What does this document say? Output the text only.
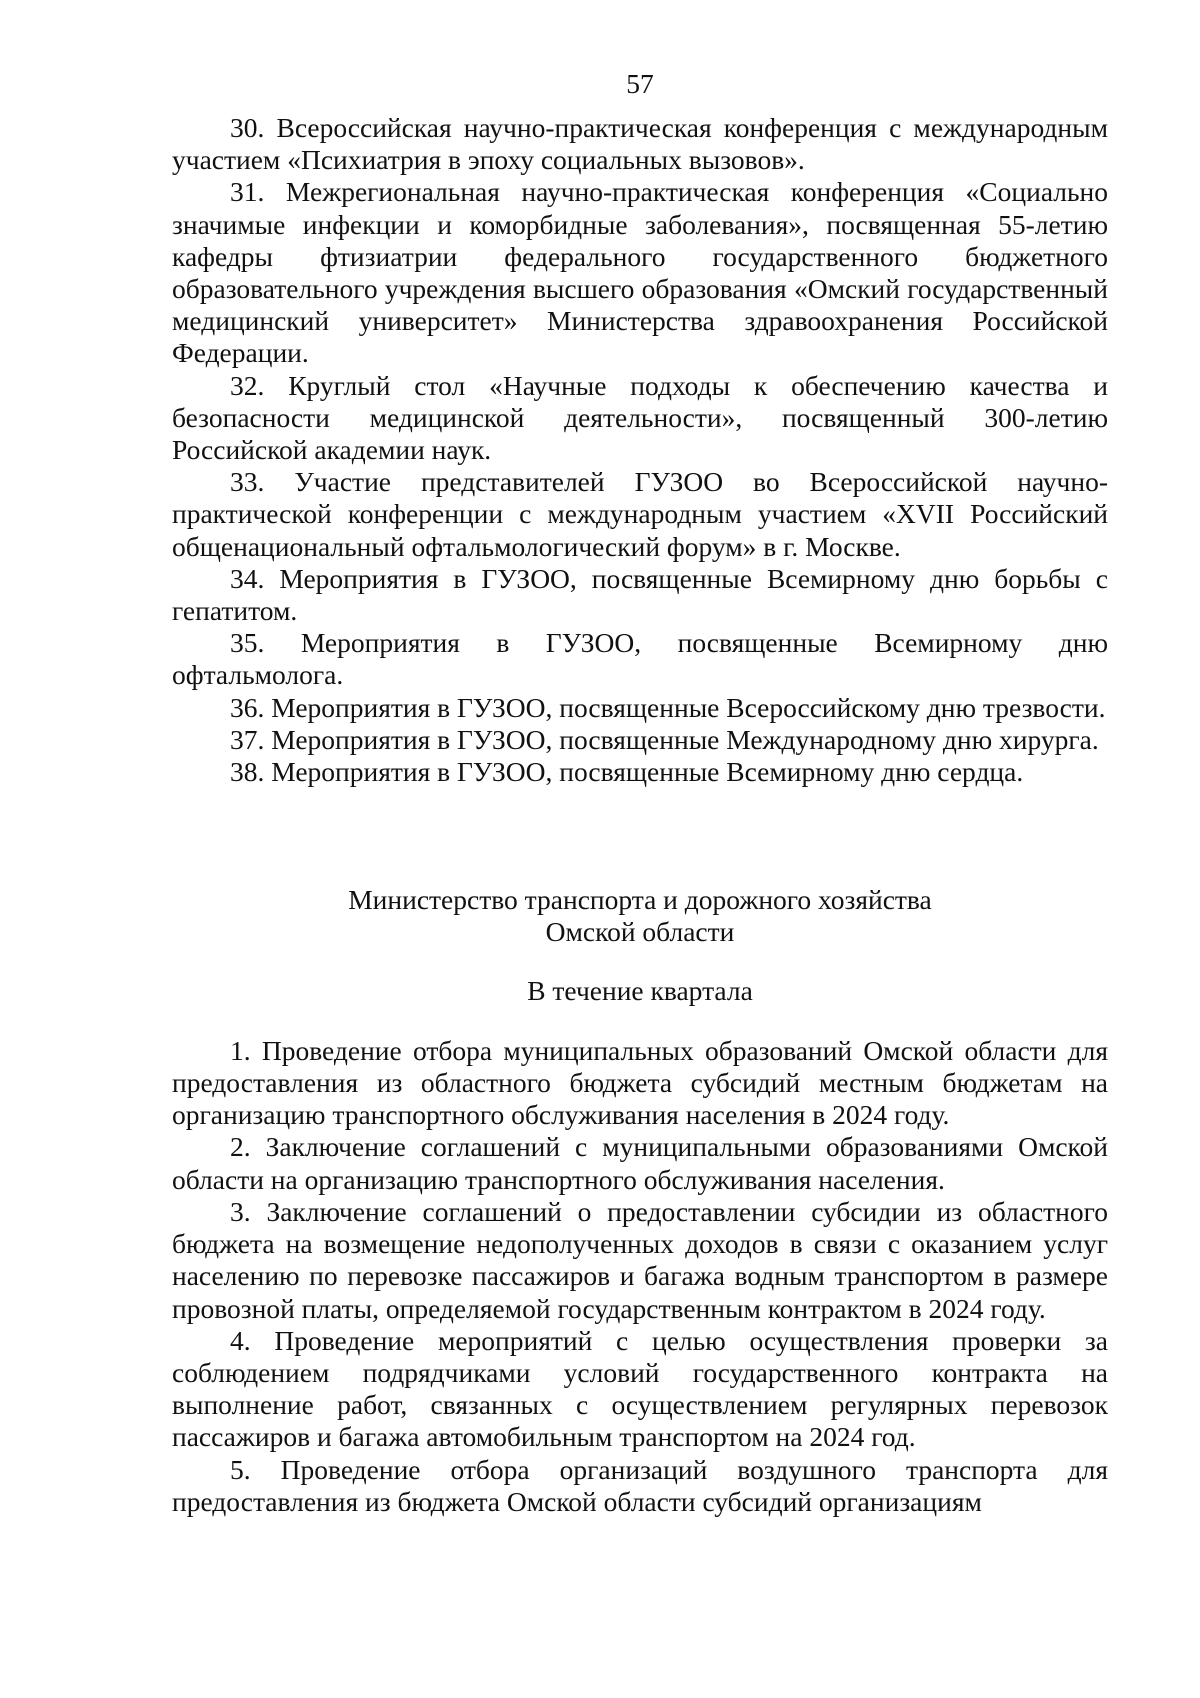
57

30. Всероссийская научно-практическая конференция с международным участием «Психиатрия в эпоху социальных вызовов».

31. Межрегиональная научно-практическая конференция «Социально значимые инфекции и коморбидные заболевания», посвященная 55-летию кафедры фтизиатрии федерального государственного бюджетного образовательного учреждения высшего образования «Омский государственный медицинский университет» Министерства здравоохранения Российской Федерации.

32. Круглый стол «Научные подходы к обеспечению качества и безопасности медицинской деятельности», посвященный 300-летию Российской академии наук.

33. Участие представителей ГУЗОО во Всероссийской научно-практической конференции с международным участием «XVII Российский общенациональный офтальмологический форум» в г. Москве.

34. Мероприятия в ГУЗОО, посвященные Всемирному дню борьбы с гепатитом.

35. Мероприятия в ГУЗОО, посвященные Всемирному дню офтальмолога.

36. Мероприятия в ГУЗОО, посвященные Всероссийскому дню трезвости.

37. Мероприятия в ГУЗОО, посвященные Международному дню хирурга.

38. Мероприятия в ГУЗОО, посвященные Всемирному дню сердца.

Министерство транспорта и дорожного хозяйства

Омской области

В течение квартала

1. Проведение отбора муниципальных образований Омской области для предоставления из областного бюджета субсидий местным бюджетам на организацию транспортного обслуживания населения в 2024 году.

2. Заключение соглашений с муниципальными образованиями Омской области на организацию транспортного обслуживания населения.

3. Заключение соглашений о предоставлении субсидии из областного бюджета на возмещение недополученных доходов в связи с оказанием услуг населению по перевозке пассажиров и багажа водным транспортом в размере провозной платы, определяемой государственным контрактом в 2024 году.

4. Проведение мероприятий с целью осуществления проверки за соблюдением подрядчиками условий государственного контракта на выполнение работ, связанных с осуществлением регулярных перевозок пассажиров и багажа автомобильным транспортом на 2024 год.

5. Проведение отбора организаций воздушного транспорта для предоставления из бюджета Омской области субсидий организациям
